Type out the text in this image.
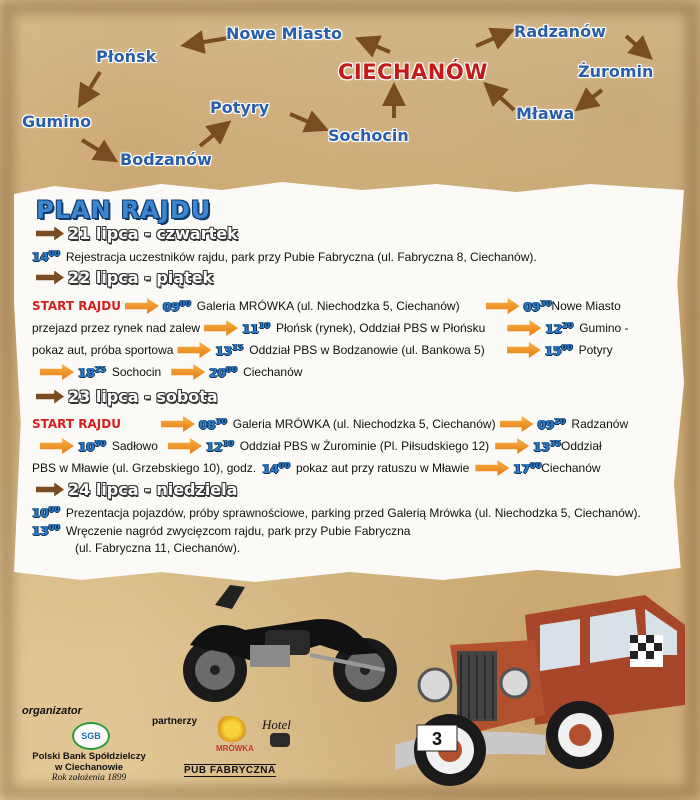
Nowe Miasto	Radzanów
Płońsk
CIECHANÓW	Żuromin
Potyry
Gumino	Mława
Sochocin
Bodzanów
PLAN RAJDU
21 lipca - czwartek
$14^{00}$ Rejestracja uczestników rajdu, park przy Pubie Fabryczna (ul. Fabryczna 8, Ciechanów).
22 lipca - piątek
START RAJDU	$09^{00}$ Galeria MRÓWKA (ul. Niechodzka 5, Ciechanów)	$09^{30}$ Nowe Miasto
przejazd przez rynek nad zalew	$11^{10}$ Płońsk (rynek), Oddział PBS w Płońsku	$12^{20}$ Gumino -
pokaz aut, próba sportowa	$13^{15}$ Oddział PBS w Bodzanowie (ul. Bankowa 5)	$15^{00}$ Potyry
$18^{25}$ Sochocin	$20^{00}$ Ciechanów
23 lipca - sobota
START RAJDU	$08^{30}$ Galeria MRÓWKA (ul. Niechodzka 5, Ciechanów)	$09^{20}$ Radzanów
$10^{50}$ Sadłowo	$12^{10}$ Oddział PBS w Żurominie (Pl. Piłsudskiego 12)	$13^{35}$ Oddział
PBS w Mławie (ul. Grzebskiego 10), godz. $14^{00}$ pokaz aut przy ratuszu w Mławie	$17^{00}$ Ciechanów
24 lipca - niedziela
$10^{00}$ Prezentacja pojazdów, próby sprawnościowe, parking przed Galerią Mrówka (ul. Niechodzka 5, Ciechanów).
$13^{00}$ Wręczenie nagród zwycięzcom rajdu, park przy Pubie Fabryczna
(ul. Fabryczna 11, Ciechanów).
3
organizator
SGB
Polski Bank Spółdzielczy
w Ciechanowie
Rok założenia 1899
partnerzy
MRÓWKA
Hotel
PUB FABRYCZNA
